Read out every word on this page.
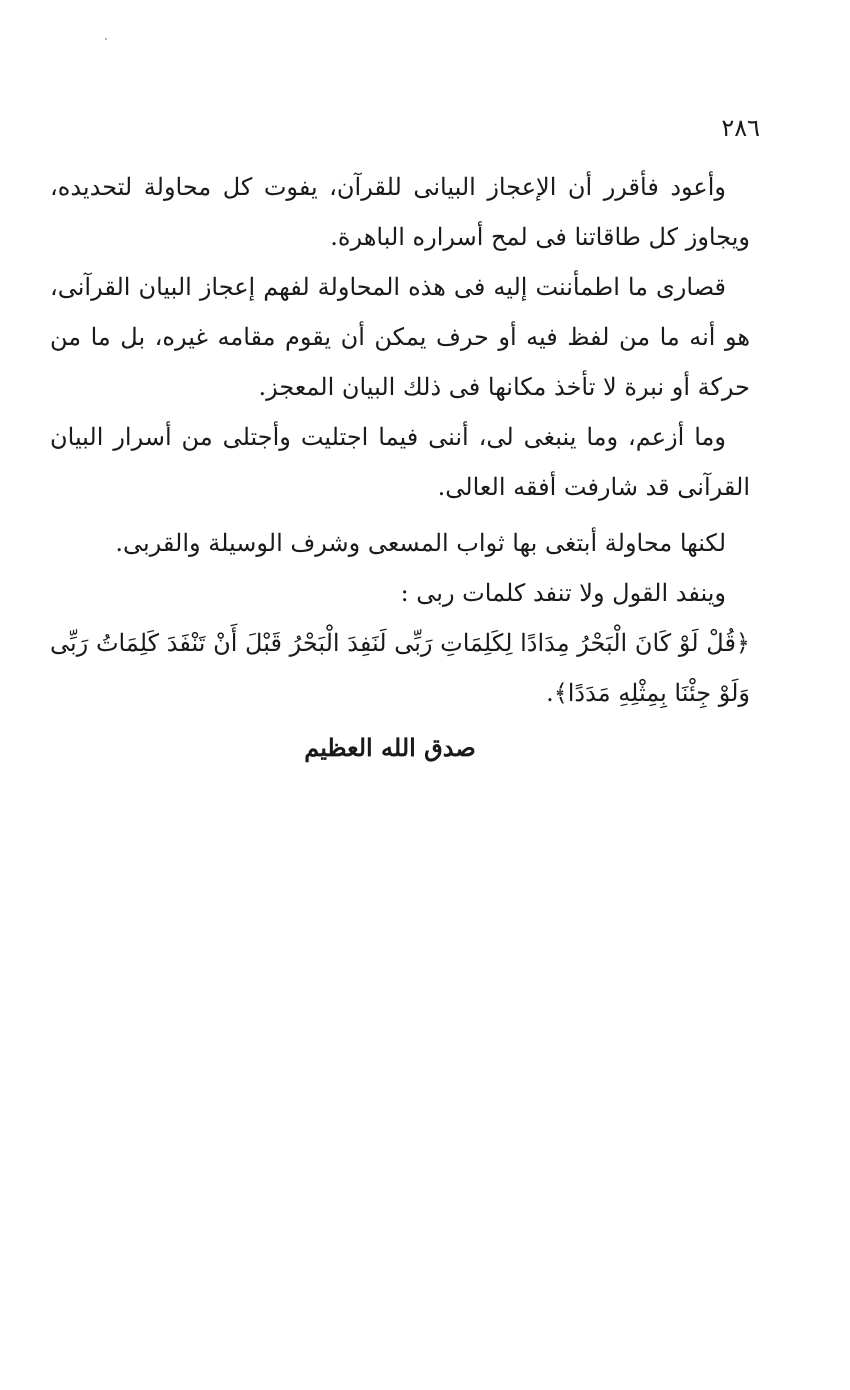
٢٨٦

وأعود فأقرر أن الإعجاز البيانى للقرآن، يفوت كل محاولة لتحديده، ويجاوز كل طاقاتنا فى لمح أسراره الباهرة.

قصارى ما اطمأننت إليه فى هذه المحاولة لفهم إعجاز البيان القرآنى، هو أنه ما من لفظ فيه أو حرف يمكن أن يقوم مقامه غيره، بل ما من حركة أو نبرة لا تأخذ مكانها فى ذلك البيان المعجز.

وما أزعم، وما ينبغى لى، أننى فيما اجتليت وأجتلى من أسرار البيان القرآنى قد شارفت أفقه العالى.

لكنها محاولة أبتغى بها ثواب المسعى وشرف الوسيلة والقربى.

وينفد القول ولا تنفد كلمات ربى :

﴿قُلْ لَوْ كَانَ الْبَحْرُ مِدَادًا لِكَلِمَاتِ رَبِّى لَنَفِدَ الْبَحْرُ قَبْلَ أَنْ تَنْفَدَ كَلِمَاتُ رَبِّى وَلَوْ جِئْنَا بِمِثْلِهِ مَدَدًا﴾.

صدق الله العظيم
